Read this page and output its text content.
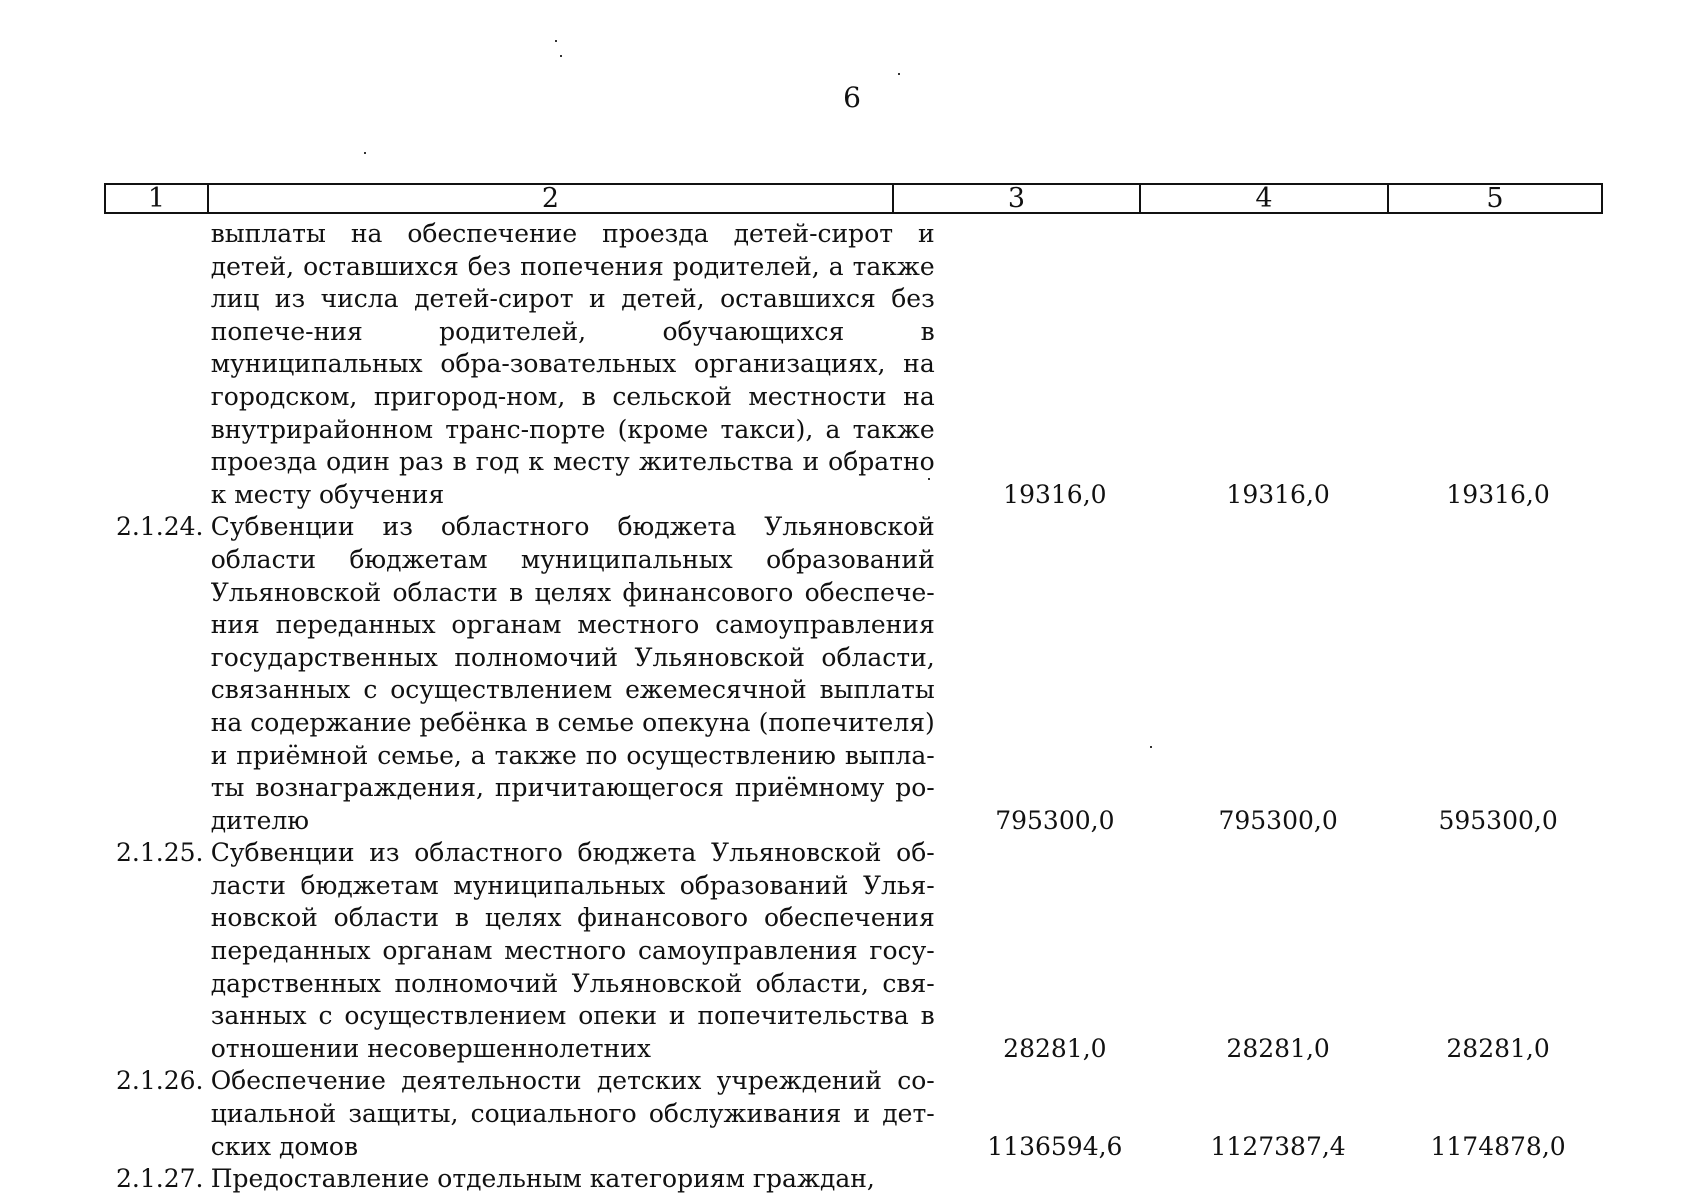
6
1	2	3	4	5
выплаты на обеспечение проезда детей-сирот и детей, оставшихся без попечения родителей, а также лиц из числа детей-сирот и детей, оставшихся без попече-ния родителей, обучающихся в муниципальных обра-зовательных организациях, на городском, пригород-ном, в сельской местности на внутрирайонном транс-порте (кроме такси), а также проезда один раз в год к месту жительства и обратно к месту обучения	19316,0	19316,0	19316,0
2.1.24. Субвенции из областного бюджета Ульяновской области бюджетам муниципальных образований Ульяновской области в целях финансового обеспече-ния переданных органам местного самоуправления государственных полномочий Ульяновской области, связанных с осуществлением ежемесячной выплаты на содержание ребёнка в семье опекуна (попечителя) и приёмной семье, а также по осуществлению выпла-ты вознаграждения, причитающегося приёмному ро-дителю	795300,0	795300,0	595300,0
2.1.25. Субвенции из областного бюджета Ульяновской об-ласти бюджетам муниципальных образований Улья-новской области в целях финансового обеспечения переданных органам местного самоуправления госу-дарственных полномочий Ульяновской области, свя-занных с осуществлением опеки и попечительства в отношении несовершеннолетних	28281,0	28281,0	28281,0
2.1.26. Обеспечение деятельности детских учреждений со-циальной защиты, социального обслуживания и дет-ских домов	1136594,6	1127387,4	1174878,0
2.1.27. Предоставление отдельным категориям граждан,
